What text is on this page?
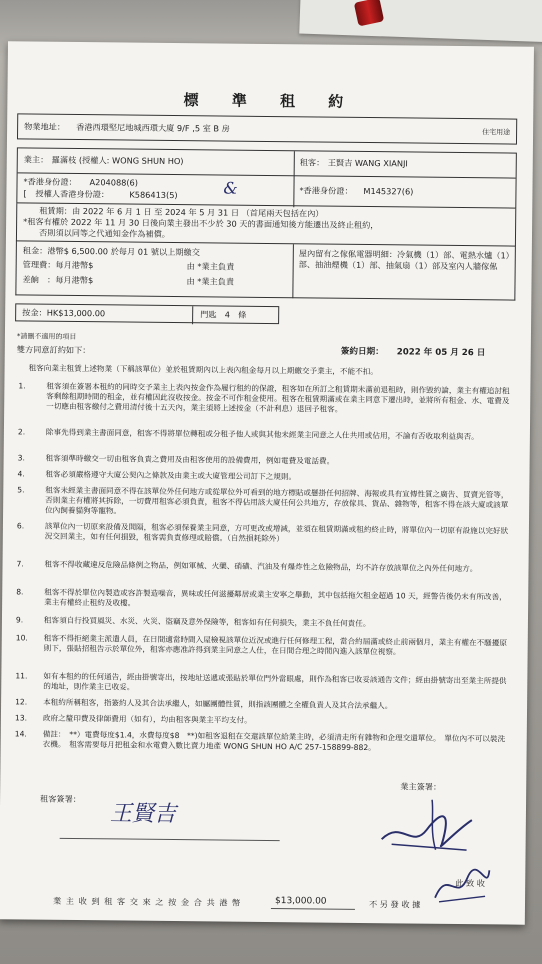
標 準 租 約
物業地址： 香港西環堅尼地城西環大廈 9/F ,5 室 B 房	住宅用途
業主： 羅滿枝 (授權人: WONG SHUN HO)	租客： 王賢吉 WANG XIANJI
*香港身份證： A204088(6)
[ 授權人香港身份證： K586413(5)	&	*香港身份證： M145327(6)
租賃期：由 2022 年 6 月 1 日 至 2024 年 5 月 31 日 （首尾兩天包括在內）
*租客有權於 2022 年 11 月 30 日後向業主發出不少於 30 天的書面通知後方能遷出及終止租約，
否則須以同等之代通知金作為補償。
租金：港幣$ 6,500.00 於每月 01 號以上期繳交
管理費：每月港幣$	由 *業主負責
差餉　：每月港幣$	由 *業主負責
屋內留有之傢俬電器明細：冷氣機（1）部、電熱水爐（1）部、抽油煙機（1）部、抽氣扇（1）部及室內人牆傢俬
按金：HK$13,000.00	門匙　4　條
*請刪不適用的項目
雙方同意訂約如下：	簽約日期： 2022 年 05 月 26 日
租客向業主租賃上述物業（下稱該單位）並於租賃期內以上表內租金每月以上期繳交予業主，不能不扣。
1.	租客須在簽署本租約的同時交予業主上表內按金作為履行租約的保證，租客如在所訂之租賃期未滿前退租時，則作毀約論，業主有權追討租客剩餘租期時間的租金，並有權因此沒收按金。按金不可作租金使用。租客在租賃期滿或在業主同意下遷出時，並將所有租金、水、電費及一切應由租客繳付之費用清付後十五天內，業主須將上述按金（不計利息）退回予租客。
2.	除事先得到業主書面同意，租客不得將單位轉租或分租予他人或與其他未經業主同意之人仕共用或佔用，不論有否收取利益與否。
3.	租客須準時繳交一切由租客負責之費用及由租客使用的設備費用，例如電費及電話費。
4.	租客必須嚴格遵守大廈公契內之條款及由業主或大廈管理公司訂下之規則。
5.	租客未經業主書面同意不得在該單位外任何地方或從單位外可看到的地方標貼或懸掛任何招牌、海報或具有宣傳性質之廣告、買賣光管等，否則業主有權將其拆除，一切費用租客必須負責，租客不得佔用該大廈任何公共地方，存放傢具、貨品、雜物等，租客不得在該大廈或該單位內飼養貓狗等寵物。
6.	該單位內一切原來設備及間隔，租客必須保養業主同意，方可更改或增減，並須在租賃期滿或租約終止時，將單位內一切原有設施以完好狀況交回業主，如有任何損毀，租客需負責修理或賠償。（自然損耗除外）
7.	租客不得收藏違反危險品條例之物品，例如軍械、火藥、硝磺、汽油及有爆炸性之危險物品，均不許存放該單位之內外任何地方。
8.	租客不得於單位內製造或容許製造噪音，異味或任何滋擾鄰居或業主安寧之舉動，其中包括拖欠租金超過 10 天，經警告後仍未有所改善，業主有權終止租約及收樓。
9.	租客須自行投買風災、水災、火災、盜竊及意外保險等，租客如有任何損失，業主不負任何責任。
10.	租客不得拒絕業主派遣人員，在日間適當時間入屋檢視該單位近況或進行任何修理工程，當合約屆滿或終止前兩個月，業主有權在不騷擾原則下，張貼招租告示於單位外，租客亦應准許得到業主同意之人仕，在日間合理之時間內進入該單位視察。
11.	如有本租約的任何通告，經由掛號寄出，按地址送遞或張貼於單位門外當眼處，則作為租客已收妥該通告文件；經由掛號寄出至業主所提供的地址，則作業主已收妥。
12.	本租約所稱租客，指簽約人及其合法承繼人，如屬團體性質，則指該團體之全權負責人及其合法承繼人。
13.	政府之釐印費及律師費用（如有），均由租客與業主平均支付。
14.	備註：　**）電費每度$1.4，水費每度$8　**)如租客退租在交還該單位給業主時，必須清走所有雜物和企理交還單位。　單位內不可以裝洗衣機。　租客需要每月把租金和水電費入數比賣力地產 WONG SHUN HO A/C 257-158899-882。
租客簽署：
王賢吉
業主簽署：
業 主 收 到 租 客 交 來 之 按 金 合 共 港 幣	$13,000.00	不 另 發 收 據
此 致 收
